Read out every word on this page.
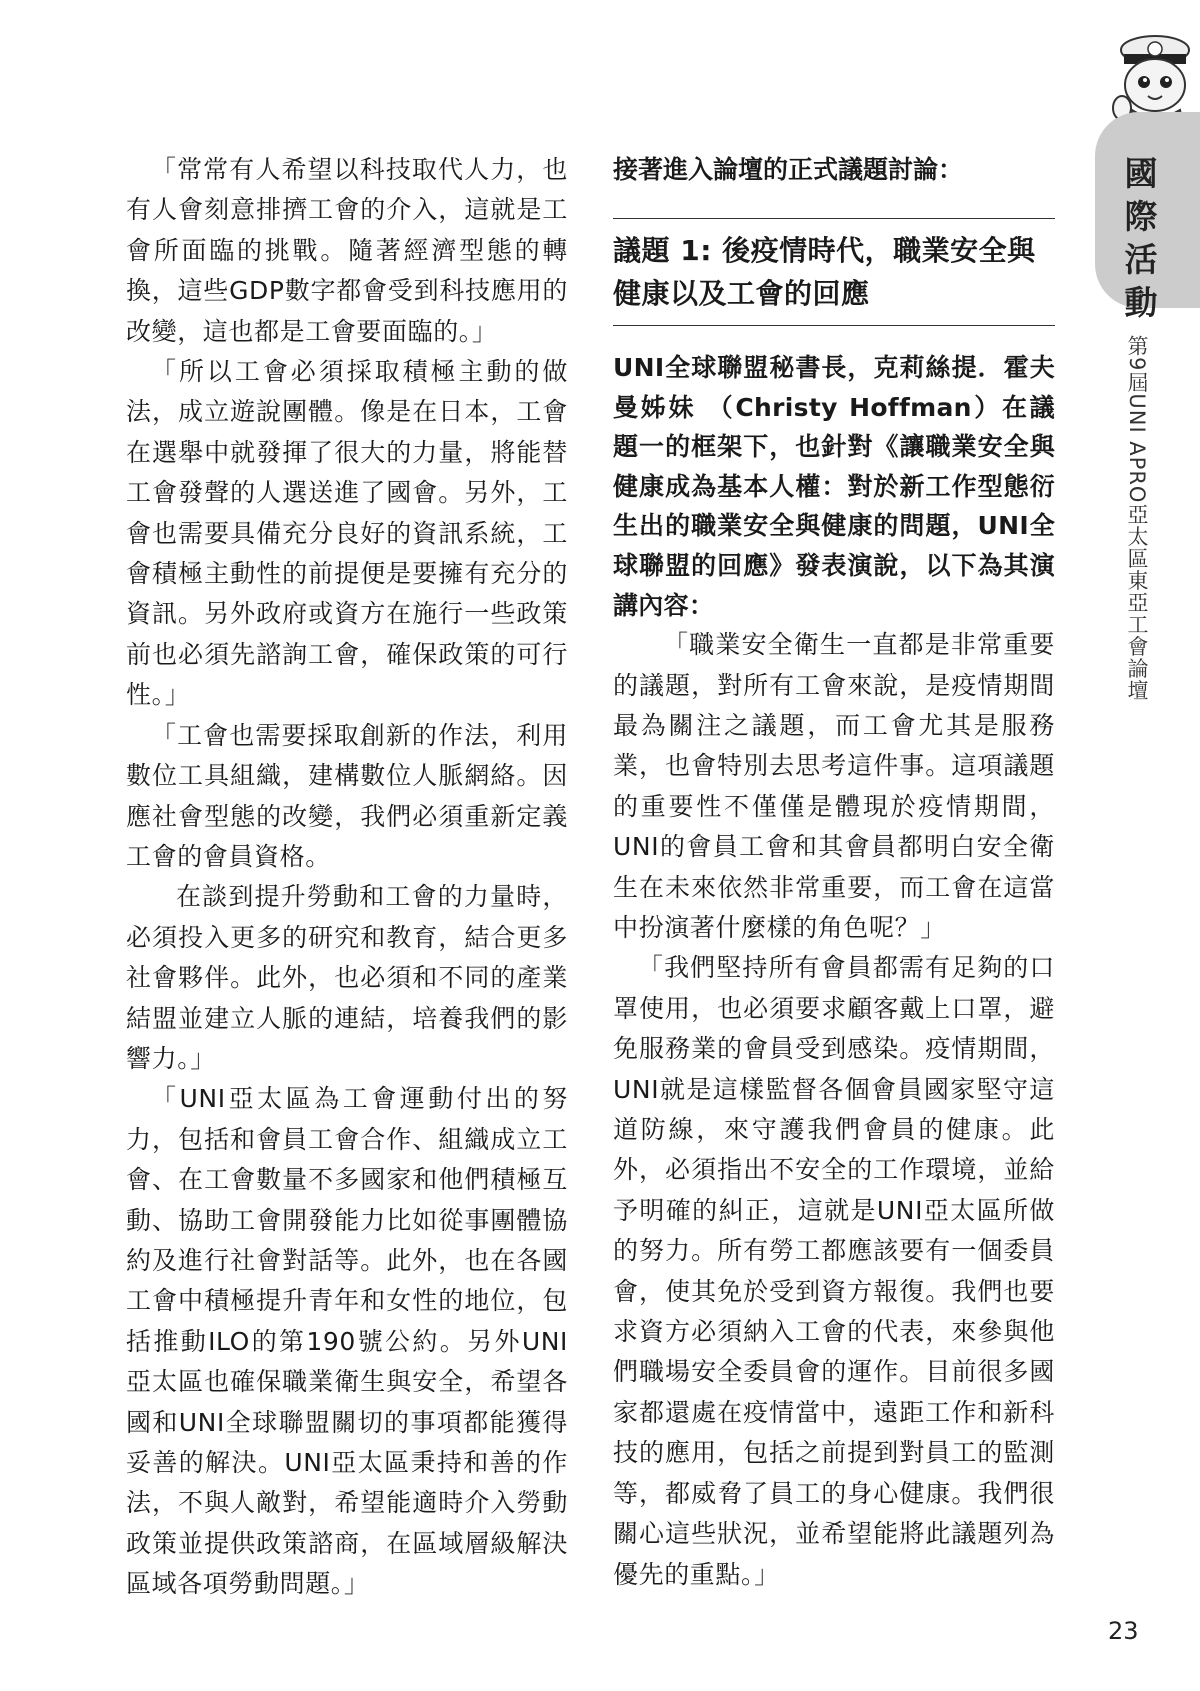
國際活動
第9屆UNI APRO亞太區東亞工會論壇

「常常有人希望以科技取代人力，也有人會刻意排擠工會的介入，這就是工會所面臨的挑戰。隨著經濟型態的轉換，這些GDP數字都會受到科技應用的改變，這也都是工會要面臨的。」

「所以工會必須採取積極主動的做法，成立遊說團體。像是在日本，工會在選舉中就發揮了很大的力量，將能替工會發聲的人選送進了國會。另外，工會也需要具備充分良好的資訊系統，工會積極主動性的前提便是要擁有充分的資訊。另外政府或資方在施行一些政策前也必須先諮詢工會，確保政策的可行性。」

「工會也需要採取創新的作法，利用數位工具組織，建構數位人脈網絡。因應社會型態的改變，我們必須重新定義工會的會員資格。

在談到提升勞動和工會的力量時，必須投入更多的研究和教育，結合更多社會夥伴。此外，也必須和不同的產業結盟並建立人脈的連結，培養我們的影響力。」

「UNI亞太區為工會運動付出的努力，包括和會員工會合作、組織成立工會、在工會數量不多國家和他們積極互動、協助工會開發能力比如從事團體協約及進行社會對話等。此外，也在各國工會中積極提升青年和女性的地位，包括推動ILO的第190號公約。另外UNI亞太區也確保職業衛生與安全，希望各國和UNI全球聯盟關切的事項都能獲得妥善的解決。UNI亞太區秉持和善的作法，不與人敵對，希望能適時介入勞動政策並提供政策諮商，在區域層級解決區域各項勞動問題。」

接著進入論壇的正式議題討論：

議題 1: 後疫情時代，職業安全與健康以及工會的回應

UNI全球聯盟秘書長，克莉絲提．霍夫曼姊妹 （Christy Hoffman）在議題一的框架下，也針對《讓職業安全與健康成為基本人權：對於新工作型態衍生出的職業安全與健康的問題，UNI全球聯盟的回應》發表演說，以下為其演講內容：

「職業安全衛生一直都是非常重要的議題，對所有工會來說，是疫情期間最為關注之議題，而工會尤其是服務業，也會特別去思考這件事。這項議題的重要性不僅僅是體現於疫情期間，UNI的會員工會和其會員都明白安全衛生在未來依然非常重要，而工會在這當中扮演著什麼樣的角色呢？」

「我們堅持所有會員都需有足夠的口罩使用，也必須要求顧客戴上口罩，避免服務業的會員受到感染。疫情期間，UNI就是這樣監督各個會員國家堅守這道防線，來守護我們會員的健康。此外，必須指出不安全的工作環境，並給予明確的糾正，這就是UNI亞太區所做的努力。所有勞工都應該要有一個委員會，使其免於受到資方報復。我們也要求資方必須納入工會的代表，來參與他們職場安全委員會的運作。目前很多國家都還處在疫情當中，遠距工作和新科技的應用，包括之前提到對員工的監測等，都威脅了員工的身心健康。我們很關心這些狀況，並希望能將此議題列為優先的重點。」

23
